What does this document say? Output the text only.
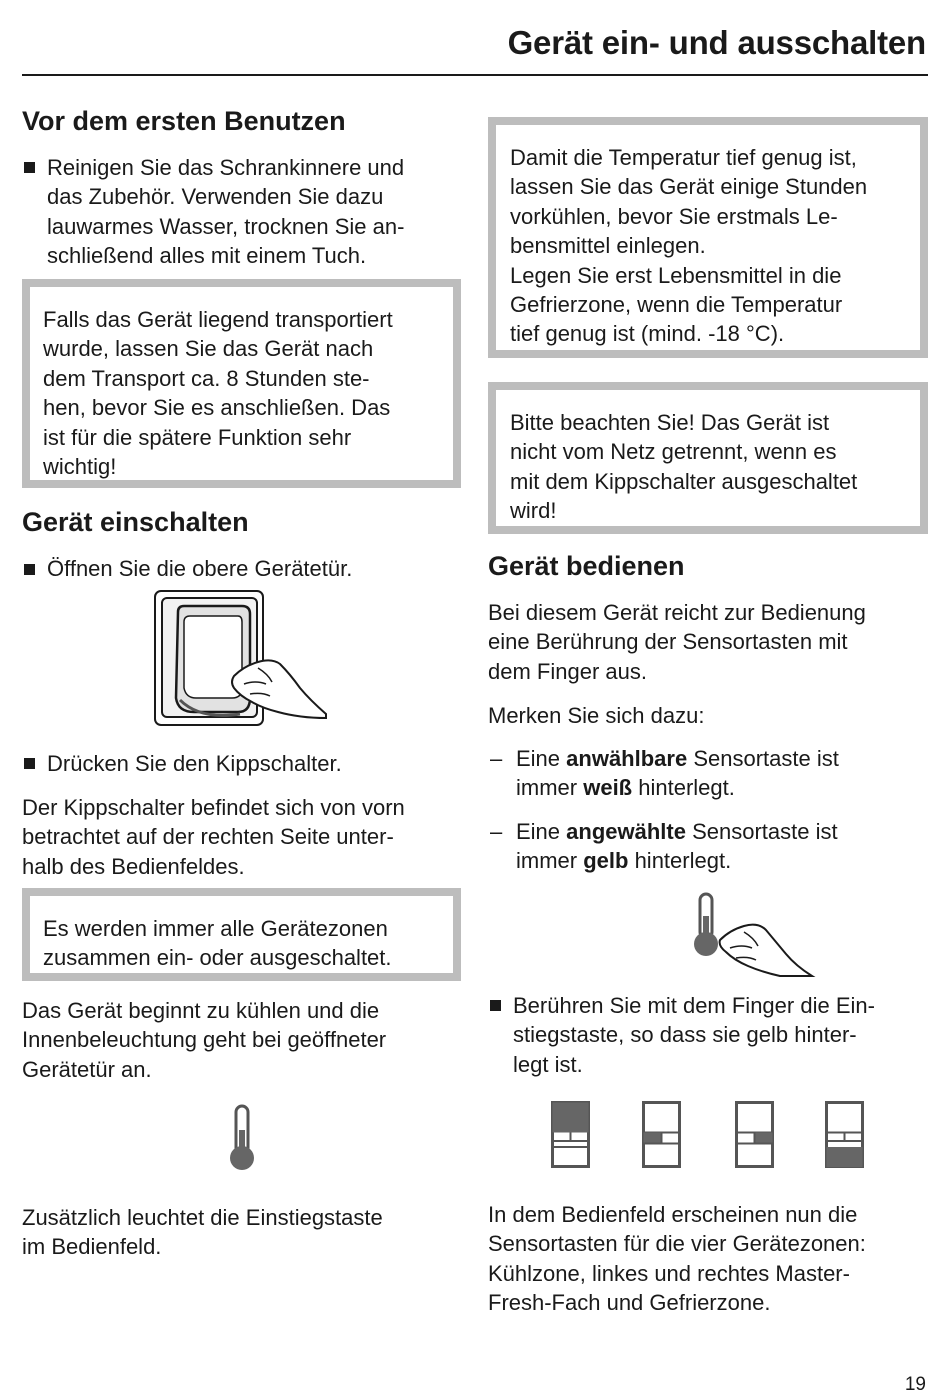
Gerät ein- und ausschalten
Vor dem ersten Benutzen
Reinigen Sie das Schrankinnere und
das Zubehör. Verwenden Sie dazu
lauwarmes Wasser, trocknen Sie an-
schließend alles mit einem Tuch.
Falls das Gerät liegend transportiert
wurde, lassen Sie das Gerät nach
dem Transport ca. 8 Stunden ste-
hen, bevor Sie es anschließen. Das
ist für die spätere Funktion sehr
wichtig!
Gerät einschalten
Öffnen Sie die obere Gerätetür.
Drücken Sie den Kippschalter.
Der Kippschalter befindet sich von vorn
betrachtet auf der rechten Seite unter-
halb des Bedienfeldes.
Es werden immer alle Gerätezonen
zusammen ein- oder ausgeschaltet.
Das Gerät beginnt zu kühlen und die
Innenbeleuchtung geht bei geöffneter
Gerätetür an.
Zusätzlich leuchtet die Einstiegstaste
im Bedienfeld.
Damit die Temperatur tief genug ist,
lassen Sie das Gerät einige Stunden
vorkühlen, bevor Sie erstmals Le-
bensmittel einlegen.
Legen Sie erst Lebensmittel in die
Gefrierzone, wenn die Temperatur
tief genug ist (mind. -18 °C).
Bitte beachten Sie! Das Gerät ist
nicht vom Netz getrennt, wenn es
mit dem Kippschalter ausgeschaltet
wird!
Gerät bedienen
Bei diesem Gerät reicht zur Bedienung
eine Berührung der Sensortasten mit
dem Finger aus.
Merken Sie sich dazu:
– Eine anwählbare Sensortaste ist
immer weiß hinterlegt.
– Eine angewählte Sensortaste ist
immer gelb hinterlegt.
Berühren Sie mit dem Finger die Ein-
stiegstaste, so dass sie gelb hinter-
legt ist.
In dem Bedienfeld erscheinen nun die
Sensortasten für die vier Gerätezonen:
Kühlzone, linkes und rechtes Master-
Fresh-Fach und Gefrierzone.
19
